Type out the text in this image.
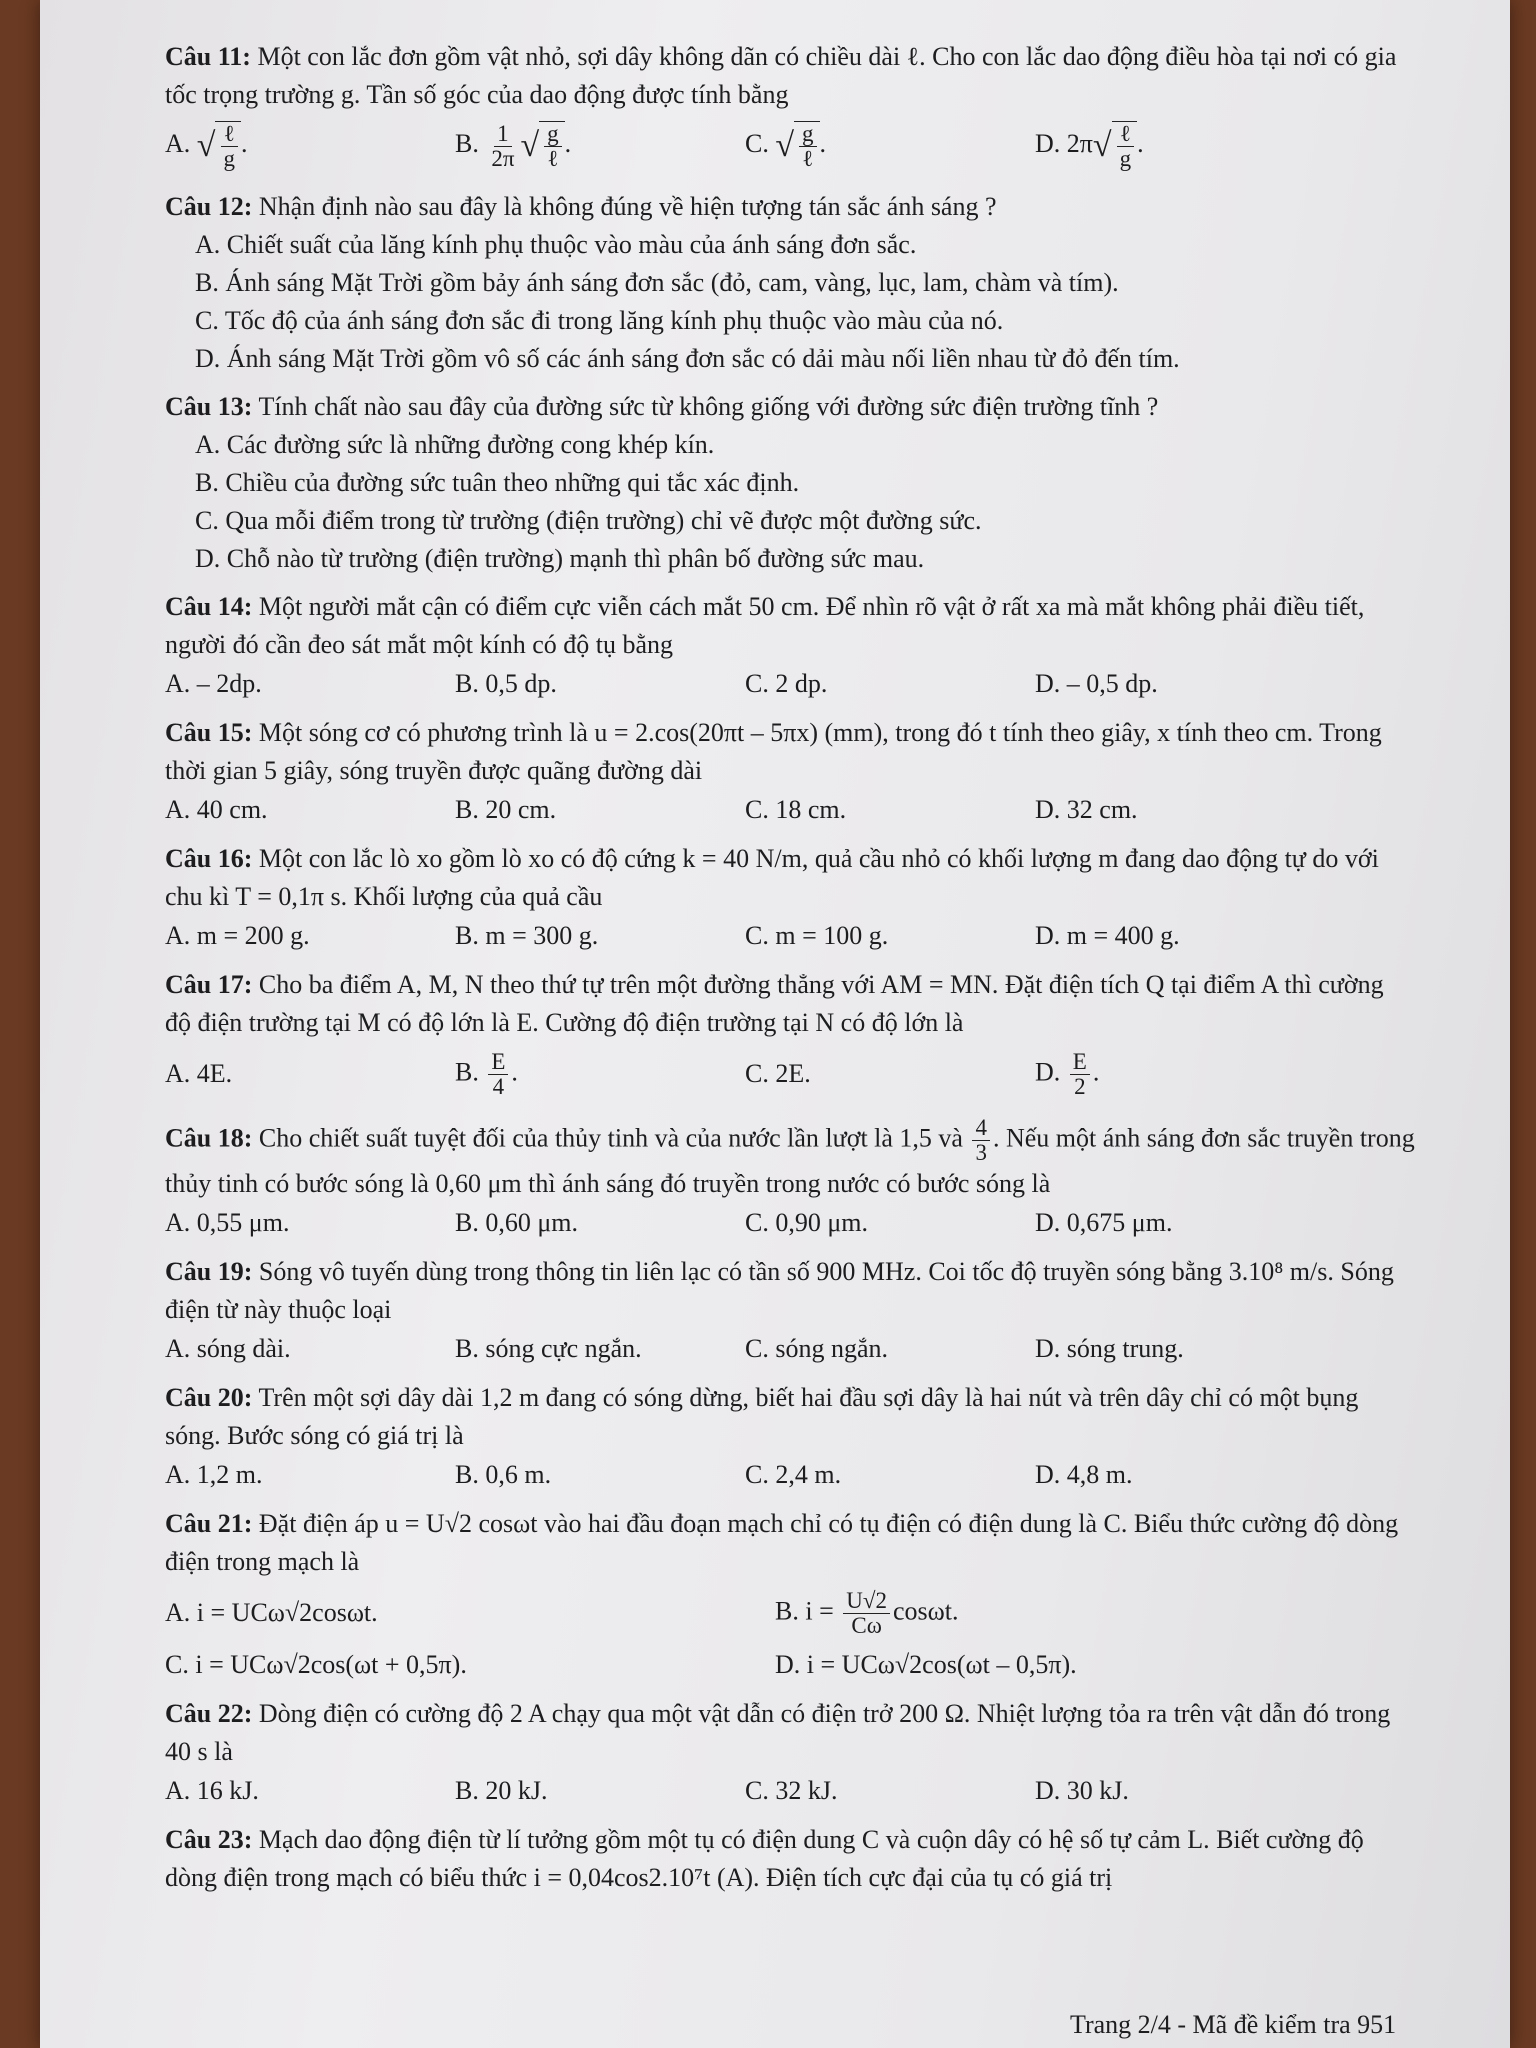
Câu 11: Một con lắc đơn gồm vật nhỏ, sợi dây không dãn có chiều dài ℓ. Cho con lắc dao động điều hòa tại nơi có gia tốc trọng trường g. Tần số góc của dao động được tính bằng
A. √ $\frac{\text{ℓ}}{g}$ .	B. $\frac{1}{2\pi}$ √ $\frac{g}{\text{ℓ}}$ .	C. √ $\frac{g}{\text{ℓ}}$ .	D. 2π √ $\frac{\text{ℓ}}{g}$ .
Câu 12: Nhận định nào sau đây là không đúng về hiện tượng tán sắc ánh sáng ?
A. Chiết suất của lăng kính phụ thuộc vào màu của ánh sáng đơn sắc.
B. Ánh sáng Mặt Trời gồm bảy ánh sáng đơn sắc (đỏ, cam, vàng, lục, lam, chàm và tím).
C. Tốc độ của ánh sáng đơn sắc đi trong lăng kính phụ thuộc vào màu của nó.
D. Ánh sáng Mặt Trời gồm vô số các ánh sáng đơn sắc có dải màu nối liền nhau từ đỏ đến tím.
Câu 13: Tính chất nào sau đây của đường sức từ không giống với đường sức điện trường tĩnh ?
A. Các đường sức là những đường cong khép kín.
B. Chiều của đường sức tuân theo những qui tắc xác định.
C. Qua mỗi điểm trong từ trường (điện trường) chỉ vẽ được một đường sức.
D. Chỗ nào từ trường (điện trường) mạnh thì phân bố đường sức mau.
Câu 14: Một người mắt cận có điểm cực viễn cách mắt 50 cm. Để nhìn rõ vật ở rất xa mà mắt không phải điều tiết, người đó cần đeo sát mắt một kính có độ tụ bằng
A. – 2dp.	B. 0,5 dp.	C. 2 dp.	D. – 0,5 dp.
Câu 15: Một sóng cơ có phương trình là u = 2.cos(20πt – 5πx) (mm), trong đó t tính theo giây, x tính theo cm. Trong thời gian 5 giây, sóng truyền được quãng đường dài
A. 40 cm.	B. 20 cm.	C. 18 cm.	D. 32 cm.
Câu 16: Một con lắc lò xo gồm lò xo có độ cứng k = 40 N/m, quả cầu nhỏ có khối lượng m đang dao động tự do với chu kì T = 0,1π s. Khối lượng của quả cầu
A. m = 200 g.	B. m = 300 g.	C. m = 100 g.	D. m = 400 g.
Câu 17: Cho ba điểm A, M, N theo thứ tự trên một đường thẳng với AM = MN. Đặt điện tích Q tại điểm A thì cường độ điện trường tại M có độ lớn là E. Cường độ điện trường tại N có độ lớn là
A. 4E.	B. $\frac{E}{4}$ .	C. 2E.	D. $\frac{E}{2}$ .
Câu 18: Cho chiết suất tuyệt đối của thủy tinh và của nước lần lượt là 1,5 và $\frac{4}{3}$ . Nếu một ánh sáng đơn sắc truyền trong thủy tinh có bước sóng là 0,60 μm thì ánh sáng đó truyền trong nước có bước sóng là
A. 0,55 μm.	B. 0,60 μm.	C. 0,90 μm.	D. 0,675 μm.
Câu 19: Sóng vô tuyến dùng trong thông tin liên lạc có tần số 900 MHz. Coi tốc độ truyền sóng bằng 3.10⁸ m/s. Sóng điện từ này thuộc loại
A. sóng dài.	B. sóng cực ngắn.	C. sóng ngắn.	D. sóng trung.
Câu 20: Trên một sợi dây dài 1,2 m đang có sóng dừng, biết hai đầu sợi dây là hai nút và trên dây chỉ có một bụng sóng. Bước sóng có giá trị là
A. 1,2 m.	B. 0,6 m.	C. 2,4 m.	D. 4,8 m.
Câu 21: Đặt điện áp u = U√2 cosωt vào hai đầu đoạn mạch chỉ có tụ điện có điện dung là C. Biểu thức cường độ dòng điện trong mạch là
A. i = UCω√2cosωt.	B. $i = \frac{U√2}{C\omega} \cos\omega t$.
C. i = UCω√2cos(ωt + 0,5π).	D. i = UCω√2cos(ωt – 0,5π).
Câu 22: Dòng điện có cường độ 2 A chạy qua một vật dẫn có điện trở 200 Ω. Nhiệt lượng tỏa ra trên vật dẫn đó trong 40 s là
A. 16 kJ.	B. 20 kJ.	C. 32 kJ.	D. 30 kJ.
Câu 23: Mạch dao động điện từ lí tưởng gồm một tụ có điện dung C và cuộn dây có hệ số tự cảm L. Biết cường độ dòng điện trong mạch có biểu thức i = 0,04cos2.10⁷t (A). Điện tích cực đại của tụ có giá trị
Trang 2/4 - Mã đề kiểm tra 951
